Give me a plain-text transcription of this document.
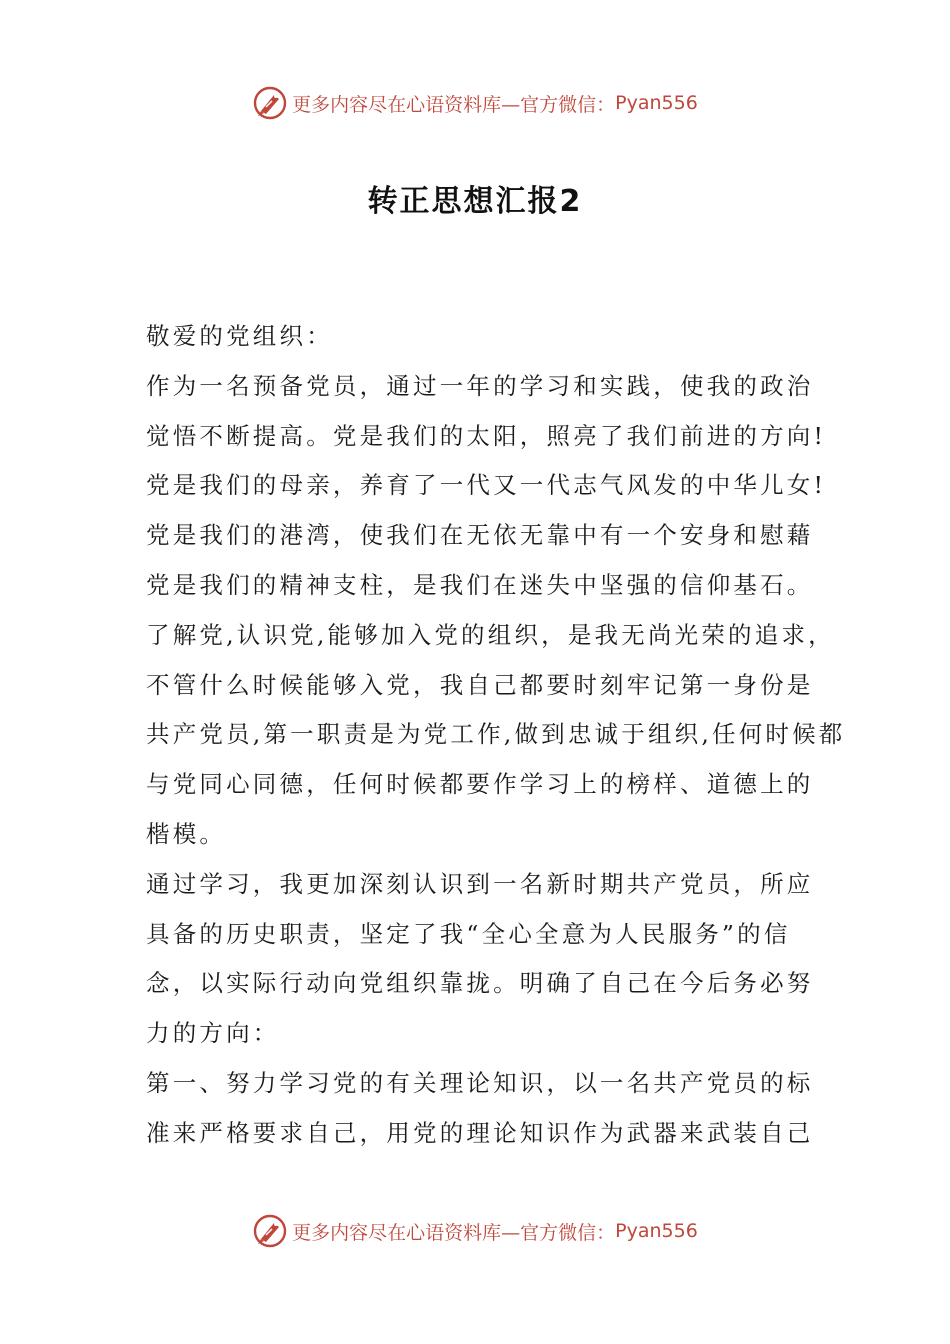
更多内容尽在心语资料库—官方微信： Pyan556
转正思想汇报2
敬爱的党组织：
作为一名预备党员，通过一年的学习和实践，使我的政治
觉悟不断提高。党是我们的太阳，照亮了我们前进的方向!
党是我们的母亲，养育了一代又一代志气风发的中华儿女!
党是我们的港湾，使我们在无依无靠中有一个安身和慰藉
党是我们的精神支柱，是我们在迷失中坚强的信仰基石。
了解党,认识党,能够加入党的组织，是我无尚光荣的追求，
不管什么时候能够入党，我自己都要时刻牢记第一身份是
共产党员,第一职责是为党工作,做到忠诚于组织,任何时候都
与党同心同德，任何时候都要作学习上的榜样、道德上的
楷模。
通过学习，我更加深刻认识到一名新时期共产党员，所应
具备的历史职责，坚定了我“全心全意为人民服务”的信
念，以实际行动向党组织靠拢。明确了自己在今后务必努
力的方向：
第一、努力学习党的有关理论知识，以一名共产党员的标
准来严格要求自己，用党的理论知识作为武器来武装自己
更多内容尽在心语资料库—官方微信： Pyan556
